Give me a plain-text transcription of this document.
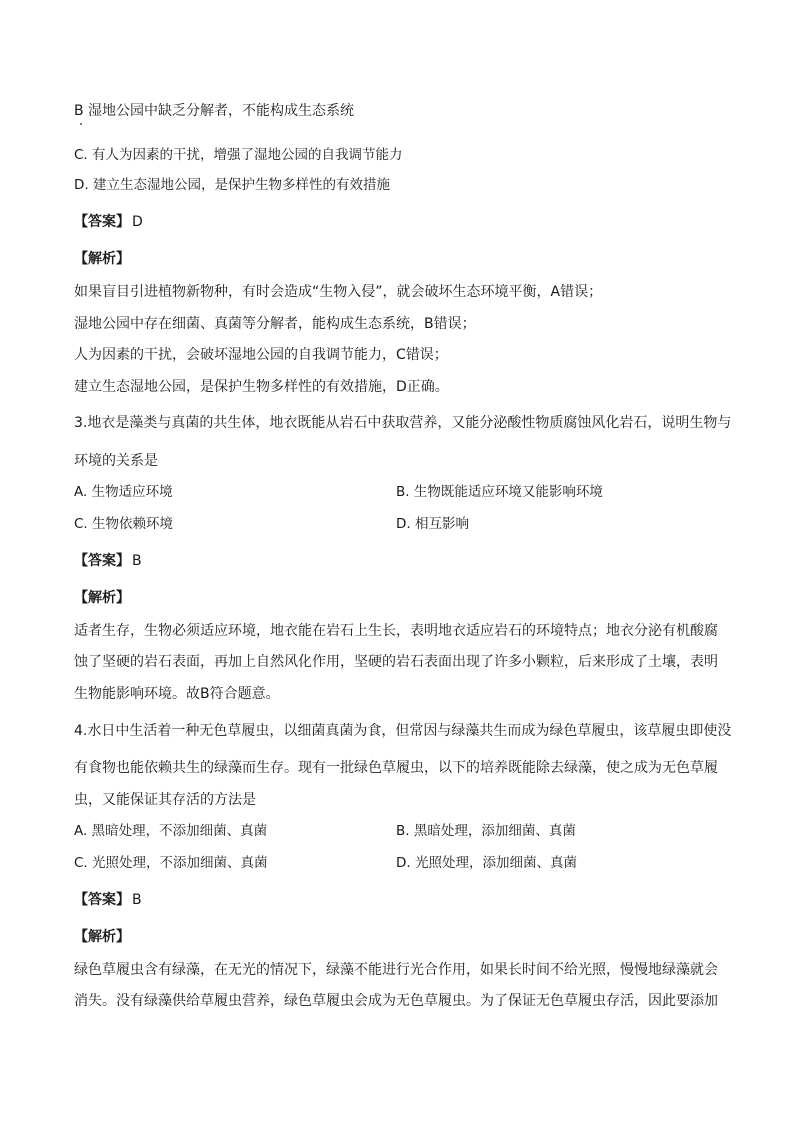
B 湿地公园中缺乏分解者，不能构成生态系统
C. 有人为因素的干扰，增强了湿地公园的自我调节能力
D. 建立生态湿地公园，是保护生物多样性的有效措施
【答案】 D
【解析】
如果盲目引进植物新物种，有时会造成“生物入侵”，就会破坏生态环境平衡，A错误；
湿地公园中存在细菌、真菌等分解者，能构成生态系统，B错误；
人为因素的干扰，会破坏湿地公园的自我调节能力，C错误；
建立生态湿地公园，是保护生物多样性的有效措施，D正确。
3.地衣是藻类与真菌的共生体，地衣既能从岩石中获取营养，又能分泌酸性物质腐蚀风化岩石，说明生物与
环境的关系是
A. 生物适应环境	B. 生物既能适应环境又能影响环境
C. 生物依赖环境	D. 相互影响
【答案】 B
【解析】
适者生存，生物必须适应环境，地衣能在岩石上生长，表明地衣适应岩石的环境特点；地衣分泌有机酸腐
蚀了坚硬的岩石表面，再加上自然风化作用，坚硬的岩石表面出现了许多小颗粒，后来形成了土壤，表明
生物能影响环境。故B符合题意。
4.水日中生活着一种无色草履虫，以细菌真菌为食，但常因与绿藻共生而成为绿色草履虫，该草履虫即使没
有食物也能依赖共生的绿藻而生存。现有一批绿色草履虫，以下的培养既能除去绿藻，使之成为无色草履
虫，又能保证其存活的方法是
A. 黑暗处理，不添加细菌、真菌	B. 黑暗处理，添加细菌、真菌
C. 光照处理，不添加细菌、真菌	D. 光照处理，添加细菌、真菌
【答案】 B
【解析】
绿色草履虫含有绿藻，在无光的情况下，绿藻不能进行光合作用，如果长时间不给光照，慢慢地绿藻就会
消失。没有绿藻供给草履虫营养，绿色草履虫会成为无色草履虫。为了保证无色草履虫存活，因此要添加
